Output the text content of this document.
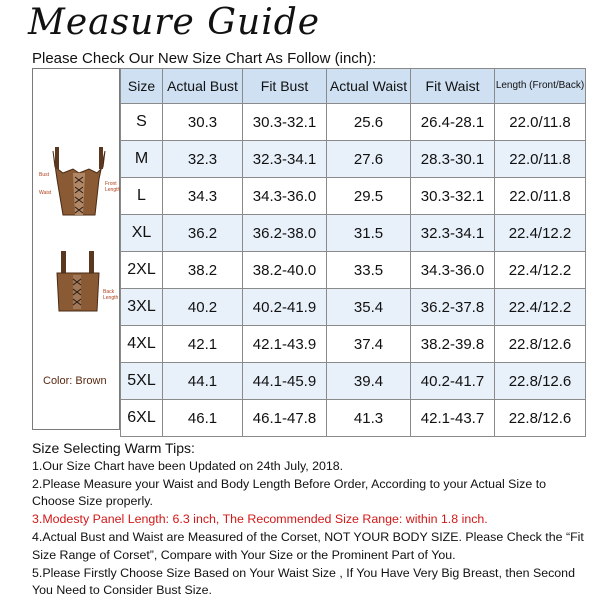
Measure Guide
Please Check Our New Size Chart As Follow (inch):
Bust
Waist
Front Length
Back Length
Color: Brown
Size	Actual Bust	Fit Bust	Actual Waist	Fit Waist	Length (Front/Back)
S	30.3	30.3-32.1	25.6	26.4-28.1	22.0/11.8
M	32.3	32.3-34.1	27.6	28.3-30.1	22.0/11.8
L	34.3	34.3-36.0	29.5	30.3-32.1	22.0/11.8
XL	36.2	36.2-38.0	31.5	32.3-34.1	22.4/12.2
2XL	38.2	38.2-40.0	33.5	34.3-36.0	22.4/12.2
3XL	40.2	40.2-41.9	35.4	36.2-37.8	22.4/12.2
4XL	42.1	42.1-43.9	37.4	38.2-39.8	22.8/12.6
5XL	44.1	44.1-45.9	39.4	40.2-41.7	22.8/12.6
6XL	46.1	46.1-47.8	41.3	42.1-43.7	22.8/12.6
Size Selecting Warm Tips:
1.Our Size Chart have been Updated on 24th July, 2018.
2.Please Measure your Waist and Body Length Before Order, According to your Actual Size to Choose Size properly.
3.Modesty Panel Length: 6.3 inch, The Recommended Size Range: within 1.8 inch.
4.Actual Bust and Waist are Measured of the Corset, NOT YOUR BODY SIZE. Please Check the “Fit Size Range of Corset”, Compare with Your Size or the Prominent Part of You.
5.Please Firstly Choose Size Based on Your Waist Size , If You Have Very Big Breast, then Second You Need to Consider Bust Size.
